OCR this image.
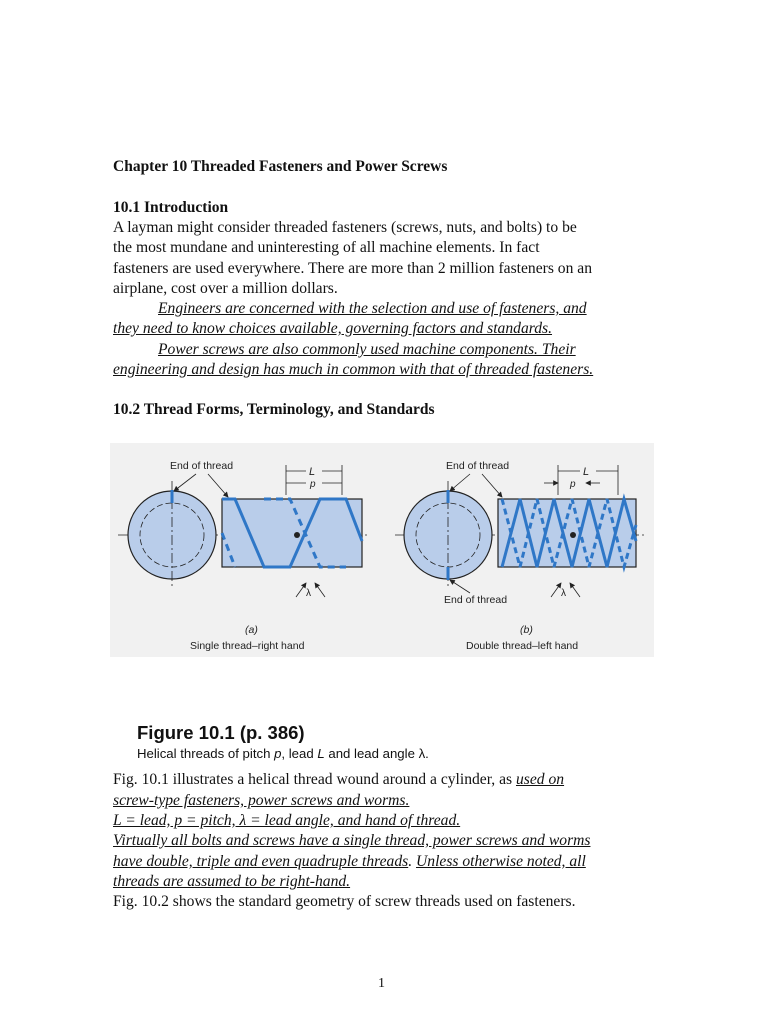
Chapter 10 Threaded Fasteners and Power Screws
10.1 Introduction
A layman might consider threaded fasteners (screws, nuts, and bolts) to be
the most mundane and uninteresting of all machine elements. In fact
fasteners are used everywhere. There are more than 2 million fasteners on an
airplane, cost over a million dollars.
Engineers are concerned with the selection and use of fasteners, and
they need to know choices available, governing factors and standards.
Power screws are also commonly used machine components. Their
engineering and design has much in common with that of threaded fasteners.
10.2 Thread Forms, Terminology, and Standards
End of thread	L
p
λ
(a)
Single thread–right hand
End of thread
End of thread
L
p
λ
(b)
Double thread–left hand
Figure 10.1 (p. 386)
Helical threads of pitch p, lead L and lead angle λ.
Fig. 10.1 illustrates a helical thread wound around a cylinder, as used on
screw-type fasteners, power screws and worms.
L = lead, p = pitch, λ = lead angle, and hand of thread.
Virtually all bolts and screws have a single thread, power screws and worms
have double, triple and even quadruple threads. Unless otherwise noted, all
threads are assumed to be right-hand.
Fig. 10.2 shows the standard geometry of screw threads used on fasteners.
1
